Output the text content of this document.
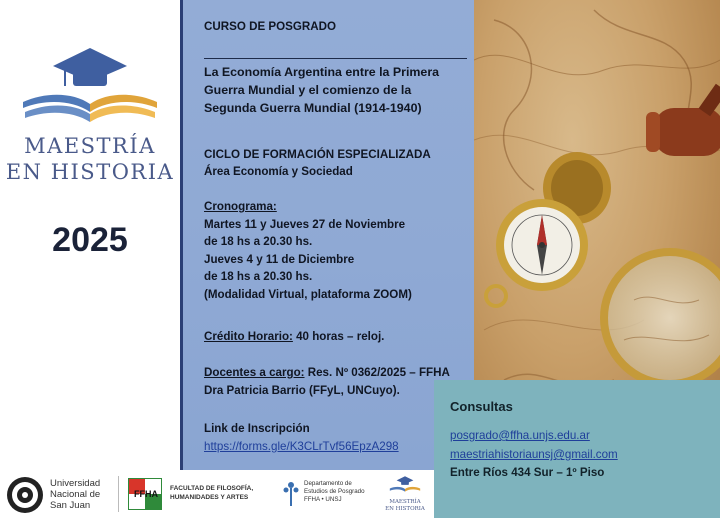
MAESTRÍA
EN HISTORIA
2025
CURSO DE POSGRADO
La Economía Argentina entre la Primera
Guerra Mundial y el comienzo de la
Segunda Guerra Mundial (1914-1940)
CICLO DE FORMACIÓN ESPECIALIZADA
Área Economía y Sociedad
Cronograma:
Martes 11 y Jueves 27 de Noviembre
de 18 hs a 20.30 hs.
Jueves 4 y 11 de Diciembre
de 18 hs a 20.30 hs.
(Modalidad Virtual, plataforma ZOOM)
Crédito Horario: 40 horas – reloj.
Docentes a cargo: Res. Nº 0362/2025 – FFHA
Dra Patricia Barrio (FFyL, UNCuyo).
Link de Inscripción
https://forms.gle/K3CLrTvf56EpzA298
Consultas
posgrado@ffha.unjs.edu.ar
maestriahistoriaunsj@gmail.com
Entre Ríos 434 Sur – 1º Piso
Universidad
Nacional de
San Juan
FFHA
FACULTAD DE FILOSOFÍA,
HUMANIDADES Y ARTES
Departamento de
Estudios de Posgrado
FFHA • UNSJ	MAESTRÍA
EN HISTORIA
